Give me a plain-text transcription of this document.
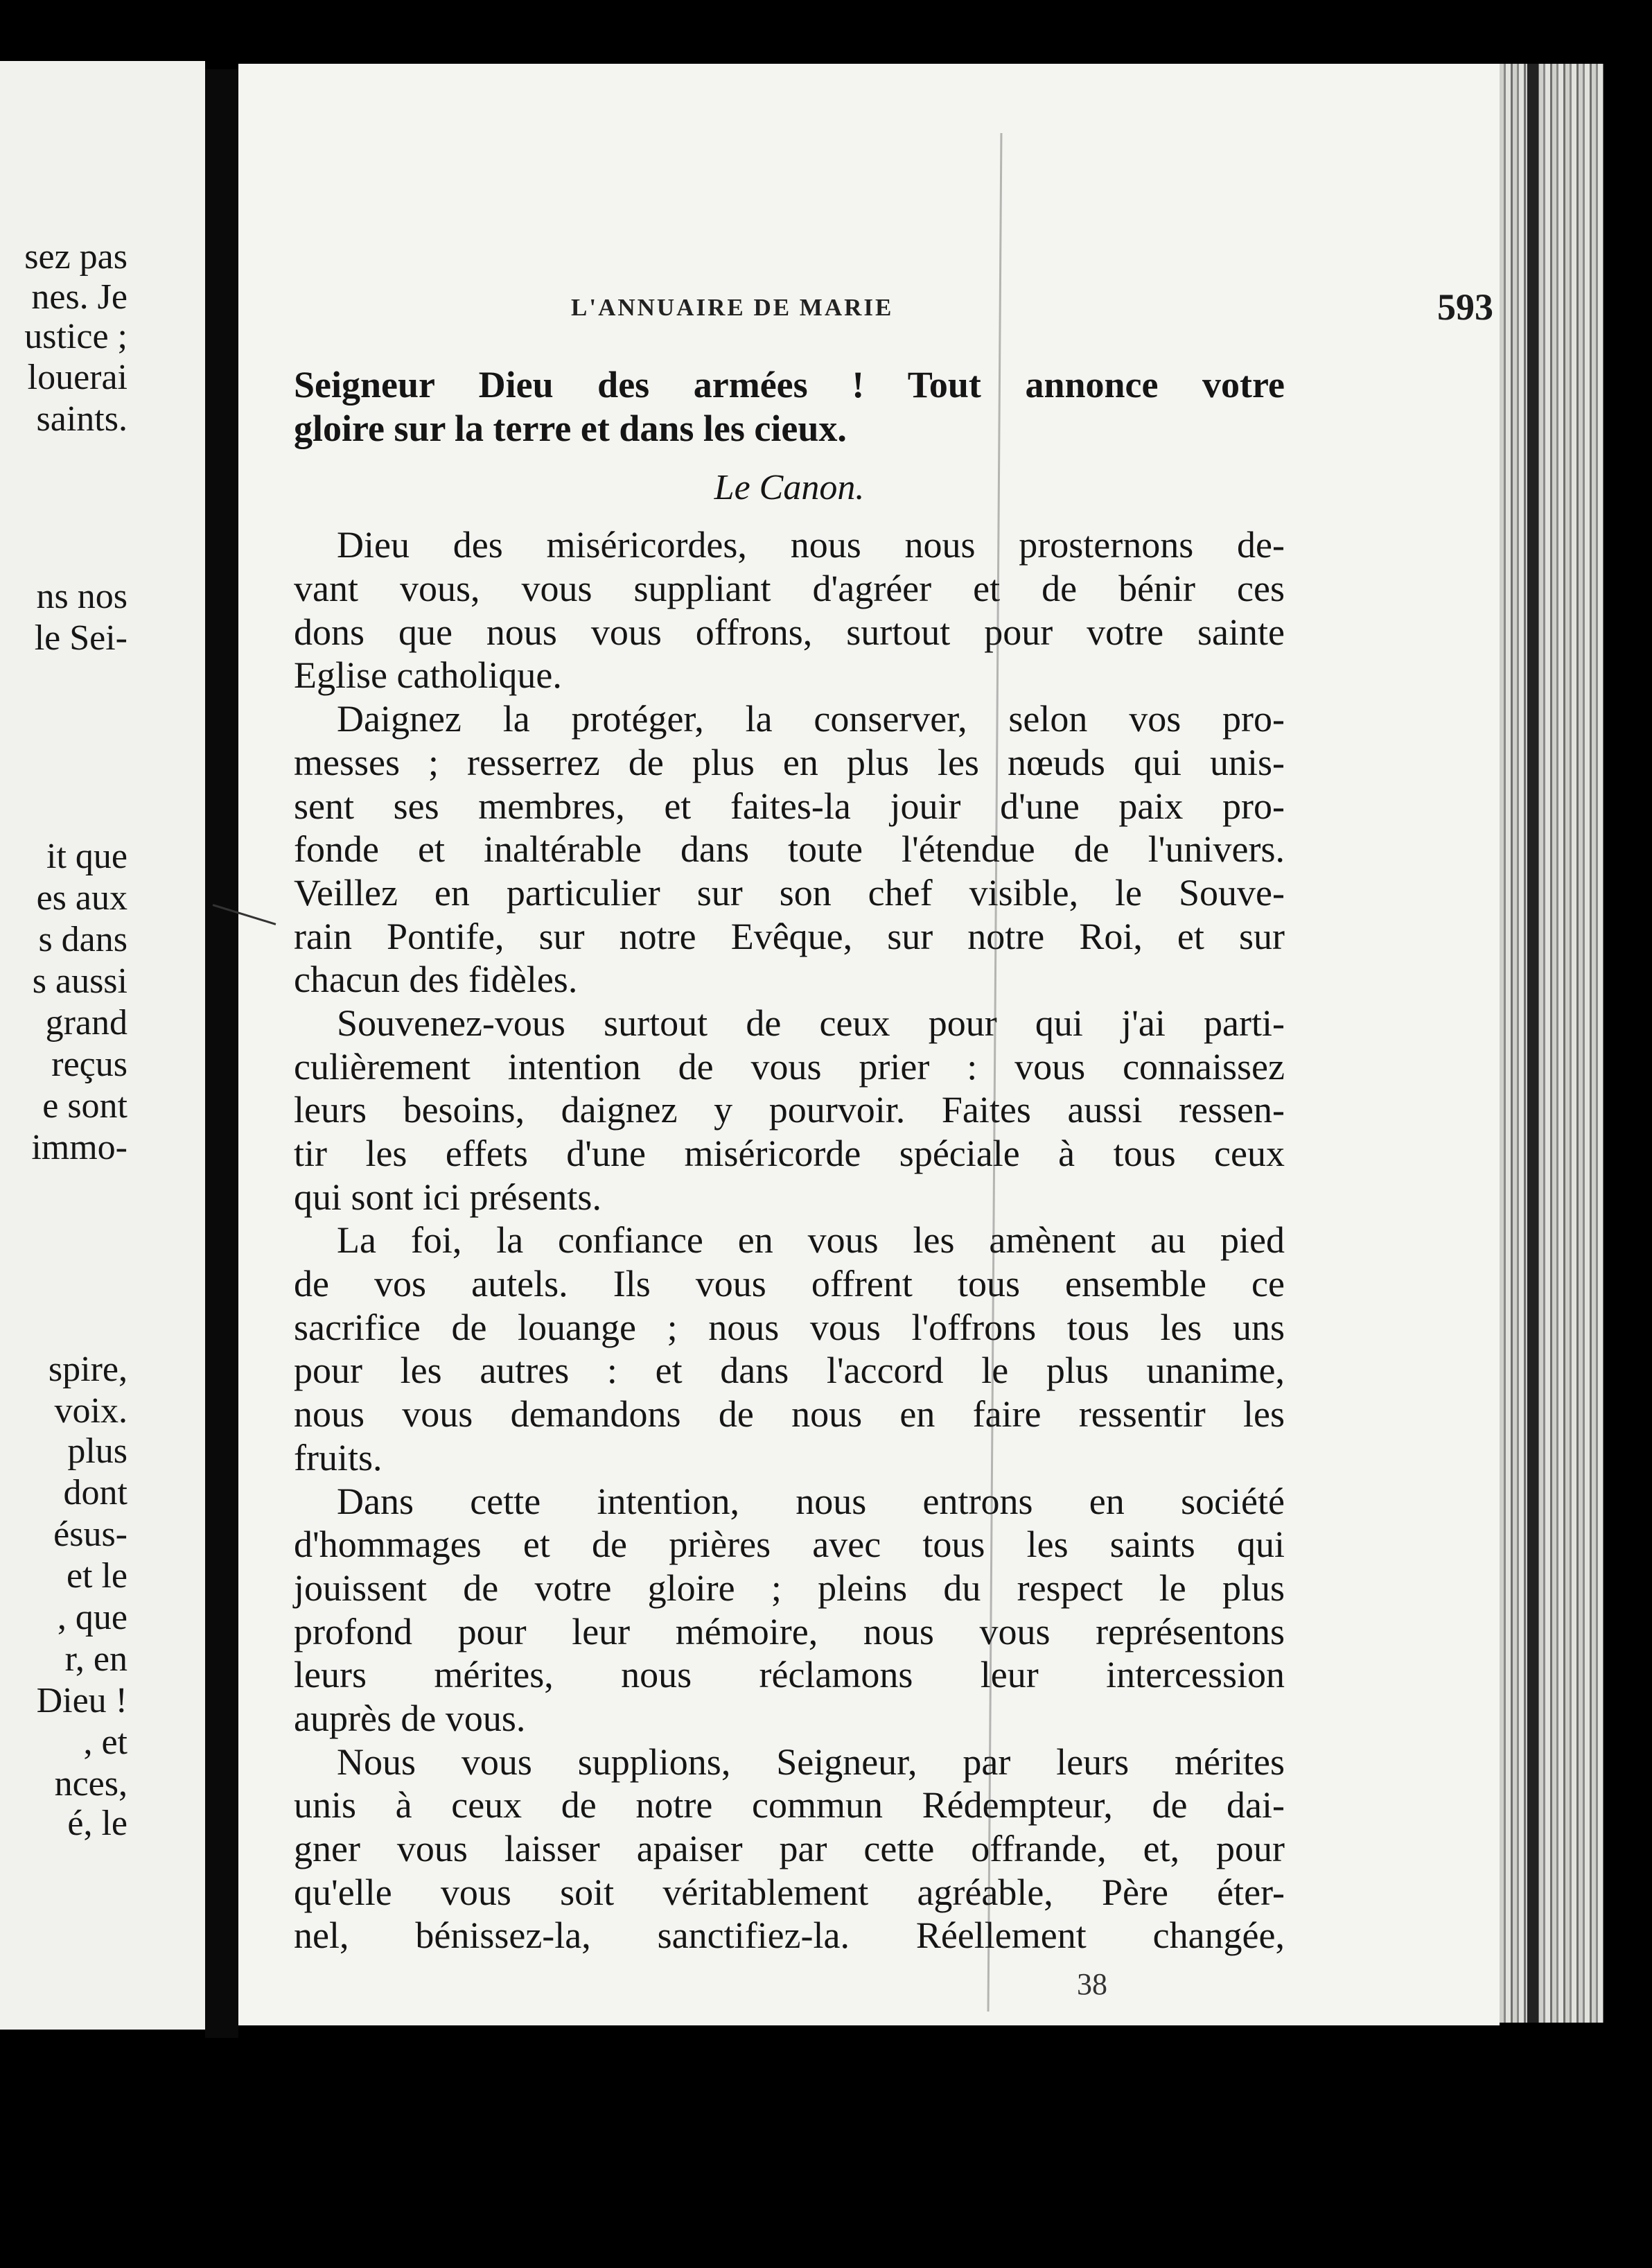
sez pas
nes. Je
ustice ;
louerai
saints.
ns nos
le Sei-
it que
es aux
s dans
s aussi
grand
reçus
e sont
immo-
spire,
voix.
plus
dont
ésus-
et le
, que
r, en
Dieu !
, et
nces,
é, le
L'ANNUAIRE DE MARIE	593
Seigneur Dieu des armées ! Tout annonce votre
gloire sur la terre et dans les cieux.
Le Canon.
Dieu des miséricordes, nous nous prosternons de-
vant vous, vous suppliant d'agréer et de bénir ces
dons que nous vous offrons, surtout pour votre sainte
Eglise catholique.
Daignez la protéger, la conserver, selon vos pro-
messes ; resserrez de plus en plus les nœuds qui unis-
sent ses membres, et faites-la jouir d'une paix pro-
fonde et inaltérable dans toute l'étendue de l'univers.
Veillez en particulier sur son chef visible, le Souve-
rain Pontife, sur notre Evêque, sur notre Roi, et sur
chacun des fidèles.
Souvenez-vous surtout de ceux pour qui j'ai parti-
culièrement intention de vous prier : vous connaissez
leurs besoins, daignez y pourvoir. Faites aussi ressen-
tir les effets d'une miséricorde spéciale à tous ceux
qui sont ici présents.
La foi, la confiance en vous les amènent au pied
de vos autels. Ils vous offrent tous ensemble ce
sacrifice de louange ; nous vous l'offrons tous les uns
pour les autres : et dans l'accord le plus unanime,
nous vous demandons de nous en faire ressentir les
fruits.
Dans cette intention, nous entrons en société
d'hommages et de prières avec tous les saints qui
jouissent de votre gloire ; pleins du respect le plus
profond pour leur mémoire, nous vous représentons
leurs mérites, nous réclamons leur intercession
auprès de vous.
Nous vous supplions, Seigneur, par leurs mérites
unis à ceux de notre commun Rédempteur, de dai-
gner vous laisser apaiser par cette offrande, et, pour
qu'elle vous soit véritablement agréable, Père éter-
nel, bénissez-la, sanctifiez-la. Réellement changée,
38
